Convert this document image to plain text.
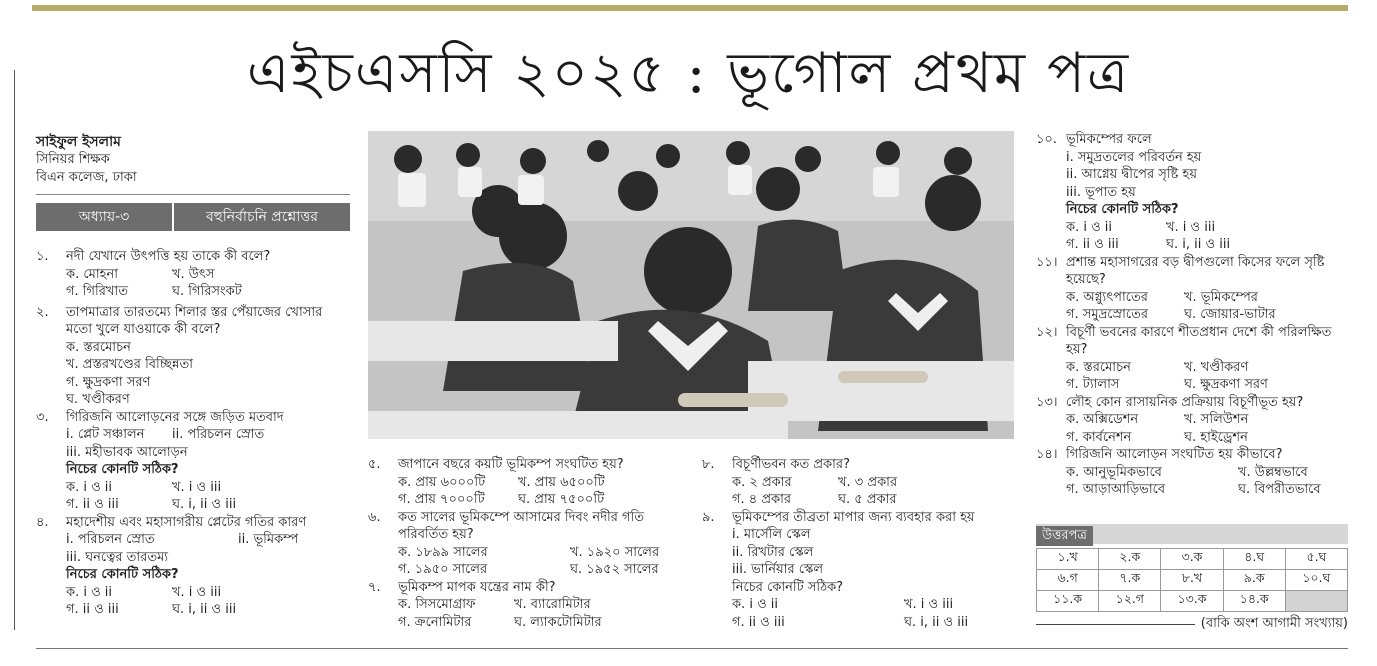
এইচএসসি ২০২৫ : ভূগোল প্রথম পত্র
সাইফুল ইসলাম
সিনিয়র শিক্ষক
বিএন কলেজ, ঢাকা
অধ্যায়-৩	বহুনির্বাচনি প্রশ্নোত্তর
১.	নদী যেখানে উৎপত্তি হয় তাকে কী বলে?
ক. মোহনা	খ. উৎস
গ. গিরিখাত	ঘ. গিরিসংকট
২.	তাপমাত্রার তারতম্যে শিলার স্তর পেঁয়াজের খোসার মতো খুলে যাওয়াকে কী বলে?
ক. স্তরমোচন
খ. প্রস্তরখণ্ডের বিচ্ছিন্নতা
গ. ক্ষুদ্রকণা সরণ
ঘ. খণ্ডীকরণ
৩.	গিরিজনি আলোড়নের সঙ্গে জড়িত মতবাদ
i. প্লেট সঞ্চালন	ii. পরিচলন স্রোত
iii. মহীভাবক আলোড়ন
নিচের কোনটি সঠিক?
ক. i ও ii	খ. i ও iii
গ. ii ও iii	ঘ. i, ii ও iii
৪.	মহাদেশীয় এবং মহাসাগরীয় প্লেটের গতির কারণ
i. পরিচলন স্রোত	ii. ভূমিকম্প
iii. ঘনত্বের তারতম্য
নিচের কোনটি সঠিক?
ক. i ও ii	খ. i ও iii
গ. ii ও iii	ঘ. i, ii ও iii
৫.	জাপানে বছরে কয়টি ভূমিকম্প সংঘটিত হয়?
ক. প্রায় ৬০০০টি	খ. প্রায় ৬৫০০টি
গ. প্রায় ৭০০০টি	ঘ. প্রায় ৭৫০০টি
৬.	কত সালের ভূমিকম্পে আসামের দিবং নদীর গতি পরিবর্তিত হয়?
ক. ১৮৯৯ সালের	খ. ১৯২০ সালের
গ. ১৯৫০ সালের	ঘ. ১৯৫২ সালের
৭.	ভূমিকম্প মাপক যন্ত্রের নাম কী?
ক. সিসমোগ্রাফ	খ. ব্যারোমিটার
গ. ক্রনোমিটার	ঘ. ল্যাকটোমিটার
৮.	বিচূর্ণীভবন কত প্রকার?
ক. ২ প্রকার	খ. ৩ প্রকার
গ. ৪ প্রকার	ঘ. ৫ প্রকার
৯.	ভূমিকম্পের তীব্রতা মাপার জন্য ব্যবহার করা হয়
i. মার্সেলি স্কেল
ii. রিখটার স্কেল
iii. ভার্নিয়ার স্কেল
নিচের কোনটি সঠিক?
ক. i ও ii	খ. i ও iii
গ. ii ও iii	ঘ. i, ii ও iii
১০. ভূমিকম্পের ফলে
i. সমুদ্রতলের পরিবর্তন হয়
ii. আগ্নেয় দ্বীপের সৃষ্টি হয়
iii. ভূপাত হয়
নিচের কোনটি সঠিক?
ক. i ও ii	খ. i ও iii
গ. ii ও iii	ঘ. i, ii ও iii
১১। প্রশান্ত মহাসাগরের বড় দ্বীপগুলো কিসের ফলে সৃষ্টি হয়েছে?
ক. অগ্ন্যুৎপাতের	খ. ভূমিকম্পের
গ. সমুদ্রস্রোতের	ঘ. জোয়ার-ভাটার
১২। বিচূর্ণী ভবনের কারণে শীতপ্রধান দেশে কী পরিলক্ষিত হয়?
ক. স্তরমোচন	খ. খণ্ডীকরণ
গ. ট্যালাস	ঘ. ক্ষুদ্রকণা সরণ
১৩। লৌহ কোন রাসায়নিক প্রক্রিয়ায় বিচূর্ণীভূত হয়?
ক. অক্সিডেশন	খ. সলিউশন
গ. কার্বনেশন	ঘ. হাইড্রেশন
১৪। গিরিজনি আলোড়ন সংঘটিত হয় কীভাবে?
ক. আনুভূমিকভাবে	খ. উল্লম্বভাবে
গ. আড়াআড়িভাবে	ঘ. বিপরীতভাবে
উত্তরপত্র
১.খ	২.ক	৩.ক	৪.ঘ	৫.ঘ
৬.গ	৭.ক	৮.খ	৯.ক	১০.ঘ
১১.ক	১২.গ	১৩.ক	১৪.ক	
(বাকি অংশ আগামী সংখ্যায়)
